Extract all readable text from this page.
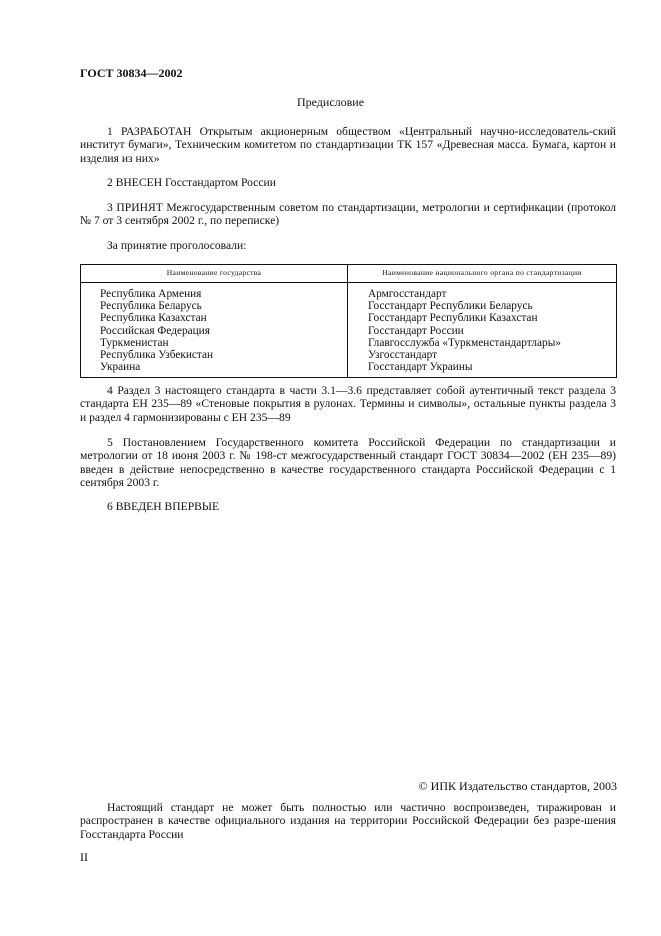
ГОСТ 30834—2002
Предисловие
1 РАЗРАБОТАН Открытым акционерным обществом «Центральный научно-исследователь-ский институт бумаги», Техническим комитетом по стандартизации ТК 157 «Древесная масса. Бумага, картон и изделия из них»
2 ВНЕСЕН Госстандартом России
3 ПРИНЯТ Межгосударственным советом по стандартизации, метрологии и сертификации (протокол № 7 от 3 сентября 2002 г., по переписке)
За принятие проголосовали:
Наименование государства	Наименование национального органа по стандартизации
Республика Армения	Армгосстандарт
Республика Беларусь	Госстандарт Республики Беларусь
Республика Казахстан	Госстандарт Республики Казахстан
Российская Федерация	Госстандарт России
Туркменистан	Главгосслужба «Туркменстандартлары»
Республика Узбекистан	Узгосстандарт
Украина	Госстандарт Украины
4 Раздел 3 настоящего стандарта в части 3.1—3.6 представляет собой аутентичный текст раздела 3 стандарта ЕН 235—89 «Стеновые покрытия в рулонах. Термины и символы», остальные пункты раздела 3 и раздел 4 гармонизированы с ЕН 235—89
5 Постановлением Государственного комитета Российской Федерации по стандартизации и метрологии от 18 июня 2003 г. № 198-ст межгосударственный стандарт ГОСТ 30834—2002 (ЕН 235—89) введен в действие непосредственно в качестве государственного стандарта Российской Федерации с 1 сентября 2003 г.
6 ВВЕДЕН ВПЕРВЫЕ
© ИПК Издательство стандартов, 2003
Настоящий стандарт не может быть полностью или частично воспроизведен, тиражирован и распространен в качестве официального издания на территории Российской Федерации без разре-шения Госстандарта России
II
